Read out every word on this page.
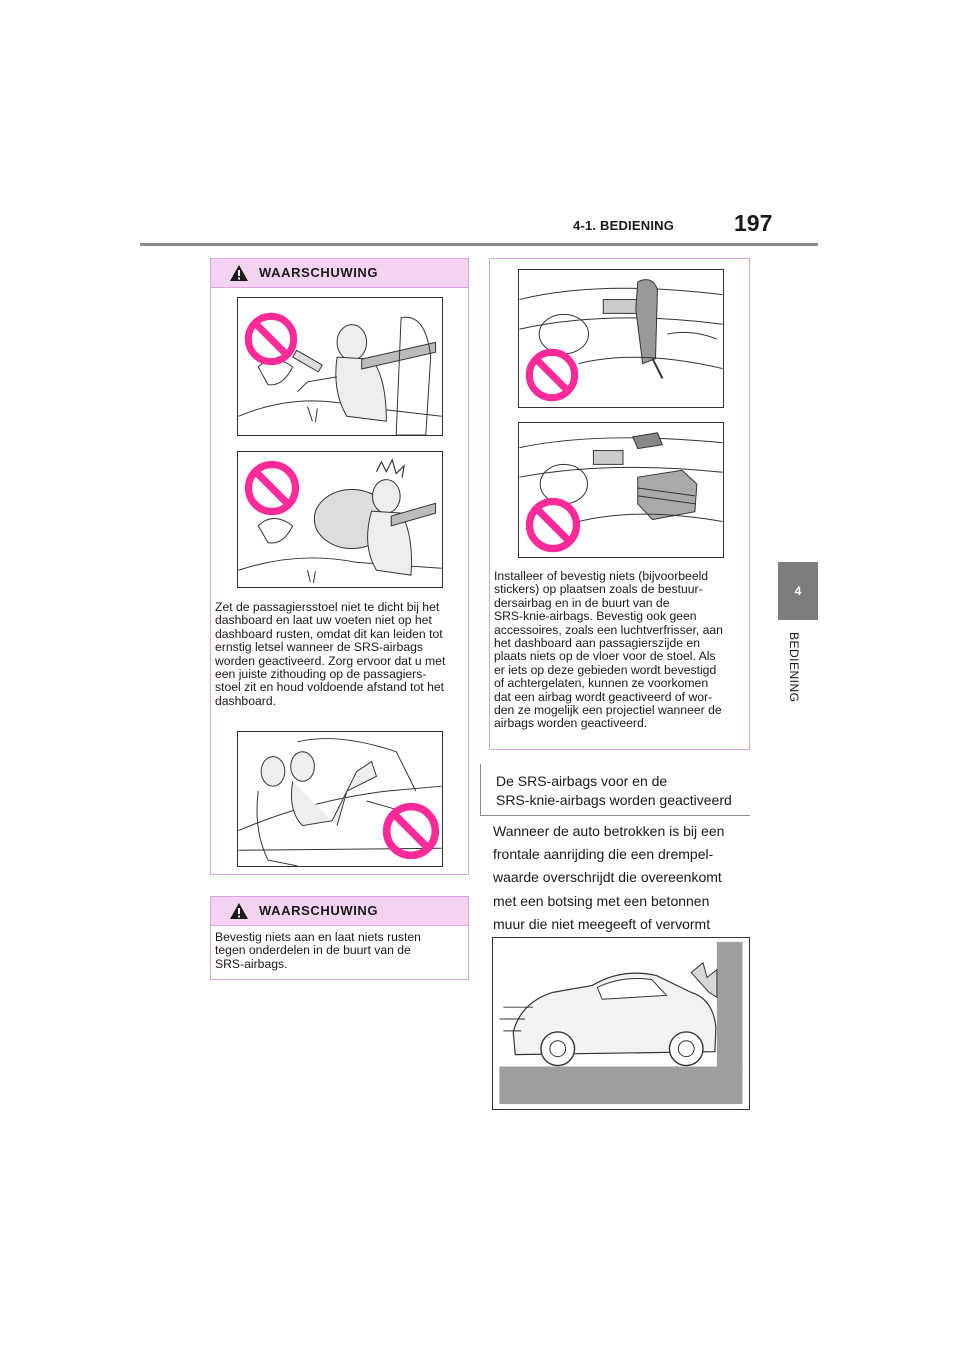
4-1. BEDIENING	197
4
BEDIENING
WAARSCHUWING
Zet de passagiersstoel niet te dicht bij het
dashboard en laat uw voeten niet op het
dashboard rusten, omdat dit kan leiden tot
ernstig letsel wanneer de SRS-airbags
worden geactiveerd. Zorg ervoor dat u met
een juiste zithouding op de passagiers-
stoel zit en houd voldoende afstand tot het
dashboard.
WAARSCHUWING
Bevestig niets aan en laat niets rusten
tegen onderdelen in de buurt van de
SRS-airbags.
Installeer of bevestig niets (bijvoorbeeld
stickers) op plaatsen zoals de bestuur-
dersairbag en in de buurt van de
SRS-knie-airbags. Bevestig ook geen
accessoires, zoals een luchtverfrisser, aan
het dashboard aan passagierszijde en
plaats niets op de vloer voor de stoel. Als
er iets op deze gebieden wordt bevestigd
of achtergelaten, kunnen ze voorkomen
dat een airbag wordt geactiveerd of wor-
den ze mogelijk een projectiel wanneer de
airbags worden geactiveerd.
De SRS-airbags voor en de
SRS-knie-airbags worden geactiveerd
Wanneer de auto betrokken is bij een
frontale aanrijding die een drempel-
waarde overschrijdt die overeenkomt
met een botsing met een betonnen
muur die niet meegeeft of vervormt
